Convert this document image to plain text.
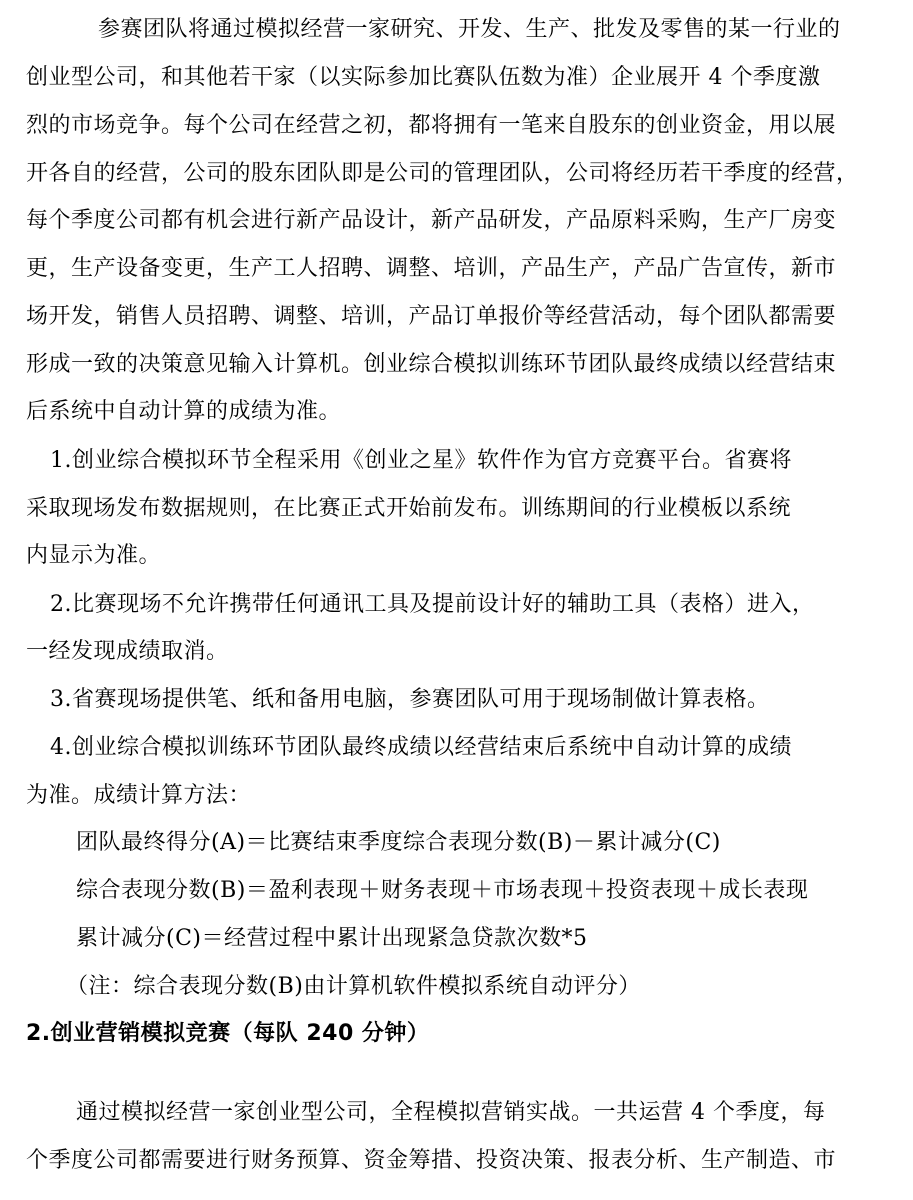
参赛团队将通过模拟经营一家研究、开发、生产、批发及零售的某一行业的
创业型公司，和其他若干家（以实际参加比赛队伍数为准）企业展开 4 个季度激
烈的市场竞争。每个公司在经营之初，都将拥有一笔来自股东的创业资金，用以展
开各自的经营，公司的股东团队即是公司的管理团队，公司将经历若干季度的经营，
每个季度公司都有机会进行新产品设计，新产品研发，产品原料采购，生产厂房变
更，生产设备变更，生产工人招聘、调整、培训，产品生产，产品广告宣传，新市
场开发，销售人员招聘、调整、培训，产品订单报价等经营活动，每个团队都需要
形成一致的决策意见输入计算机。创业综合模拟训练环节团队最终成绩以经营结束
后系统中自动计算的成绩为准。
1.创业综合模拟环节全程采用《创业之星》软件作为官方竞赛平台。省赛将
采取现场发布数据规则，在比赛正式开始前发布。训练期间的行业模板以系统
内显示为准。
2.比赛现场不允许携带任何通讯工具及提前设计好的辅助工具（表格）进入，
一经发现成绩取消。
3.省赛现场提供笔、纸和备用电脑，参赛团队可用于现场制做计算表格。
4.创业综合模拟训练环节团队最终成绩以经营结束后系统中自动计算的成绩
为准。成绩计算方法：
团队最终得分(A)＝比赛结束季度综合表现分数(B)－累计减分(C)
综合表现分数(B)＝盈利表现＋财务表现＋市场表现＋投资表现＋成长表现
累计减分(C)＝经营过程中累计出现紧急贷款次数*5
（注：综合表现分数(B)由计算机软件模拟系统自动评分）
2.创业营销模拟竞赛（每队 240 分钟）
通过模拟经营一家创业型公司，全程模拟营销实战。一共运营 4 个季度，每
个季度公司都需要进行财务预算、资金筹措、投资决策、报表分析、生产制造、市
